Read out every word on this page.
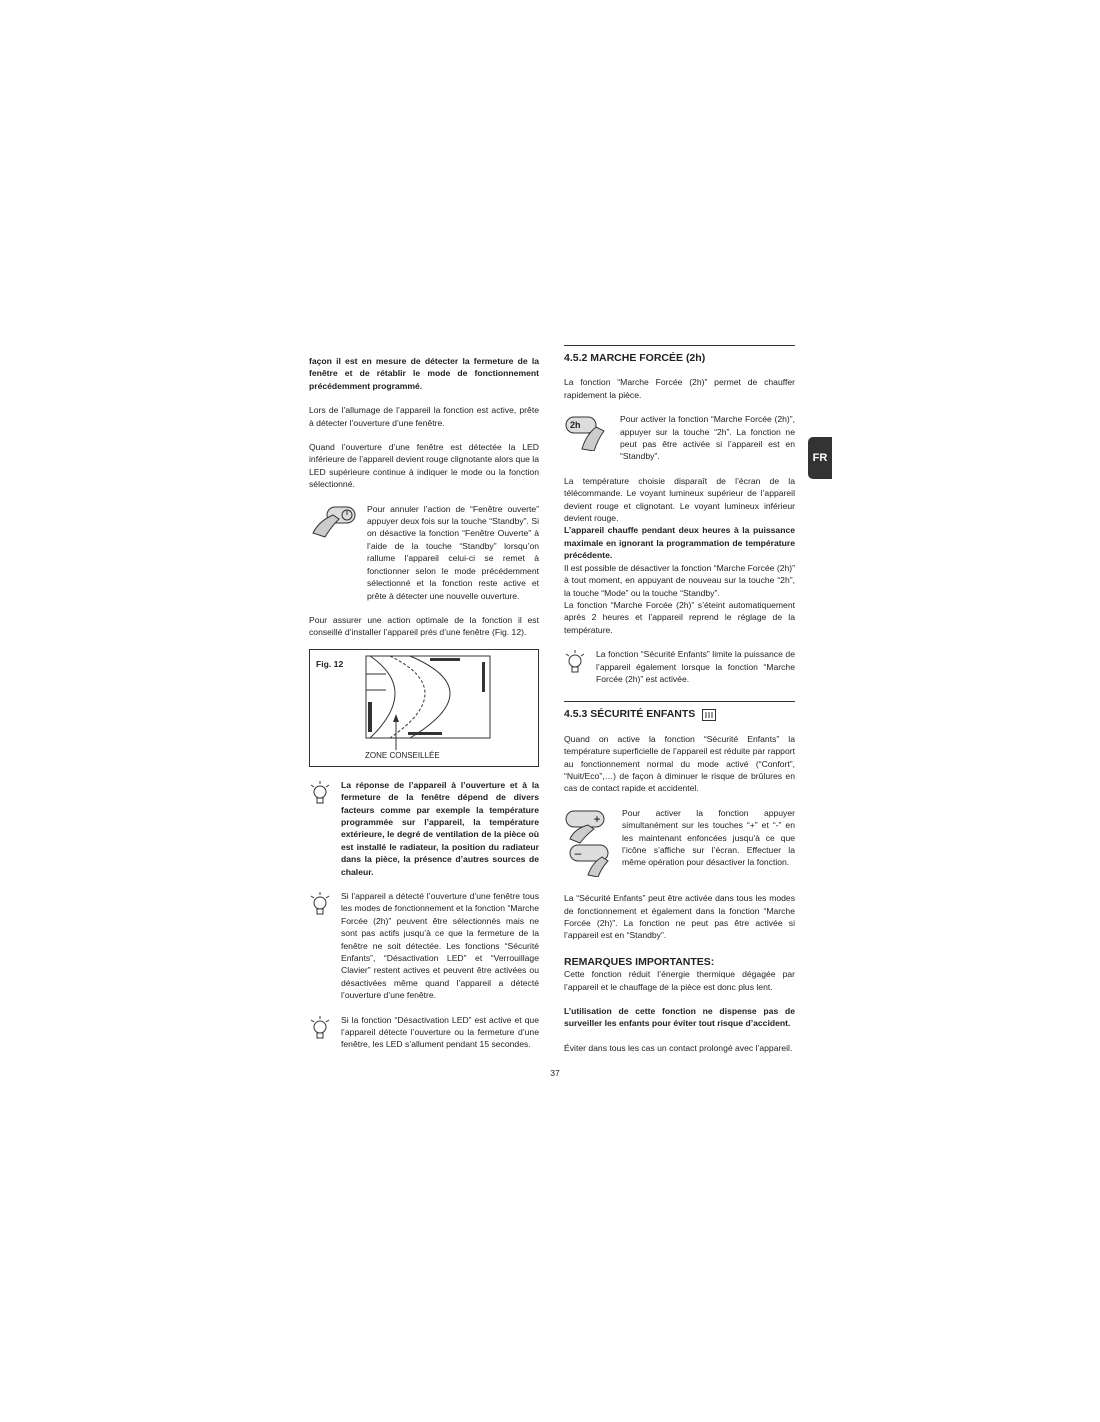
façon il est en mesure de détecter la fermeture de la fenêtre et de rétablir le mode de fonctionnement précédemment programmé.

Lors de l’allumage de l’appareil la fonction est active, prête à détecter l’ouverture d’une fenêtre.

Quand l’ouverture d’une fenêtre est détectée la LED inférieure de l’appareil devient rouge clignotante alors que la LED supérieure continue à indiquer le mode ou la fonction sélectionné.

Pour annuler l’action de “Fenêtre ouverte” appuyer deux fois sur la touche “Standby”. Si on désactive la fonction “Fenêtre Ouverte” à l’aide de la touche “Standby” lorsqu’on rallume l’appareil celui-ci se remet à fonctionner selon le mode précédemment sélectionné et la fonction reste active et prête à détecter une nouvelle ouverture.

Pour assurer une action optimale de la fonction il est conseillé d’installer l’appareil prés d’une fenêtre (Fig. 12).

Fig. 12
ZONE CONSEILLÉE

La réponse de l’appareil à l’ouverture et à la fermeture de la fenêtre dépend de divers facteurs comme par exemple la température programmée sur l’appareil, la température extérieure, le degré de ventilation de la pièce où est installé le radiateur, la position du radiateur dans la pièce, la présence d’autres sources de chaleur.

Si l’appareil a détecté l’ouverture d’une fenêtre tous les modes de fonctionnement et la fonction “Marche Forcée (2h)” peuvent être sélectionnés mais ne sont pas actifs jusqu’à ce que la fermeture de la fenêtre ne soit détectée. Les fonctions “Sécurité Enfants”, “Désactivation LED” et “Verrouillage Clavier” restent actives et peuvent être activées ou désactivées même quand l’appareil a détecté l’ouverture d’une fenêtre.

Si la fonction “Désactivation LED” est active et que l’appareil détecte l’ouverture ou la fermeture d’une fenêtre, les LED s’allument pendant 15 secondes.

4.5.2 MARCHE FORCÉE (2h)

La fonction “Marche Forcée (2h)” permet de chauffer rapidement la pièce.

2h

Pour activer la fonction “Marche Forcée (2h)”, appuyer sur la touche “2h”. La fonction ne peut pas être activée si l’appareil est en “Standby”.

La température choisie disparaît de l’écran de la télécommande. Le voyant lumineux supérieur de l’appareil devient rouge et clignotant. Le voyant lumineux inférieur devient rouge.

L’appareil chauffe pendant deux heures à la puissance maximale en ignorant la programmation de température précédente.

Il est possible de désactiver la fonction “Marche Forcée (2h)” à tout moment, en appuyant de nouveau sur la touche “2h”, la touche “Mode” ou la touche “Standby”.

La fonction “Marche Forcée (2h)” s’éteint automatiquement après 2 heures et l’appareil reprend le réglage de la température.

La fonction “Sécurité Enfants” limite la puissance de l’appareil également lorsque la fonction “Marche Forcée (2h)” est activée.

4.5.3 SÉCURITÉ ENFANTS

Quand on active la fonction “Sécurité Enfants” la température superficielle de l’appareil est réduite par rapport au fonctionnement normal du mode activé (“Confort”, “Nuit/Eco”,…) de façon à diminuer le risque de brûlures en cas de contact rapide et accidentel.

+
–

Pour activer la fonction appuyer simultanément sur les touches “+” et “-” en les maintenant enfoncées jusqu’à ce que l’icône s’affiche sur l’écran. Effectuer la même opération pour désactiver la fonction.

La “Sécurité Enfants” peut être activée dans tous les modes de fonctionnement et également dans la fonction “Marche Forcée (2h)”. La fonction ne peut pas être activée si l’appareil est en “Standby”.

REMARQUES IMPORTANTES:

Cette fonction réduit l’énergie thermique dégagée par l’appareil et le chauffage de la pièce est donc plus lent.

L’utilisation de cette fonction ne dispense pas de surveiller les enfants pour éviter tout risque d’accident.

Éviter dans tous les cas un contact prolongé avec l’appareil.

FR
37
